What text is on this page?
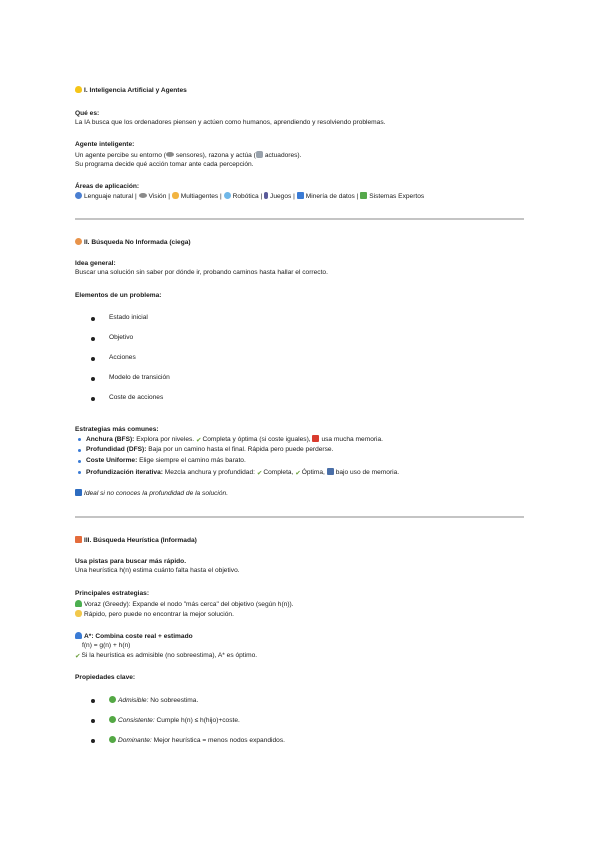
I. Inteligencia Artificial y Agentes
Qué es:
La IA busca que los ordenadores piensen y actúen como humanos, aprendiendo y resolviendo problemas.
Agente inteligente:
Un agente percibe su entorno ( sensores), razona y actúa ( actuadores).
Su programa decide qué acción tomar ante cada percepción.
Áreas de aplicación:
Lenguaje natural | Visión | Multiagentes | Robótica | Juegos | Minería de datos | Sistemas Expertos
II. Búsqueda No Informada (ciega)
Idea general:
Buscar una solución sin saber por dónde ir, probando caminos hasta hallar el correcto.
Elementos de un problema:
Estado inicial
Objetivo
Acciones
Modelo de transición
Coste de acciones
Estrategias más comunes:
Anchura (BFS): Explora por niveles. ✔Completa y óptima (si coste iguales), usa mucha memoria.
Profundidad (DFS): Baja por un camino hasta el final. Rápida pero puede perderse.
Coste Uniforme: Elige siempre el camino más barato.
Profundización iterativa: Mezcla anchura y profundidad: ✔Completa, ✔Óptima, bajo uso de memoria.
Ideal si no conoces la profundidad de la solución.
III. Búsqueda Heurística (Informada)
Usa pistas para buscar más rápido.
Una heurística h(n) estima cuánto falta hasta el objetivo.
Principales estrategias:
Voraz (Greedy): Expande el nodo "más cerca" del objetivo (según h(n)).
Rápido, pero puede no encontrar la mejor solución.
A*: Combina coste real + estimado
f(n) = g(n) + h(n)
✔Si la heurística es admisible (no sobreestima), A* es óptimo.
Propiedades clave:
Admisible: No sobreestima.
Consistente: Cumple h(n) ≤ h(hijo)+coste.
Dominante: Mejor heurística = menos nodos expandidos.
